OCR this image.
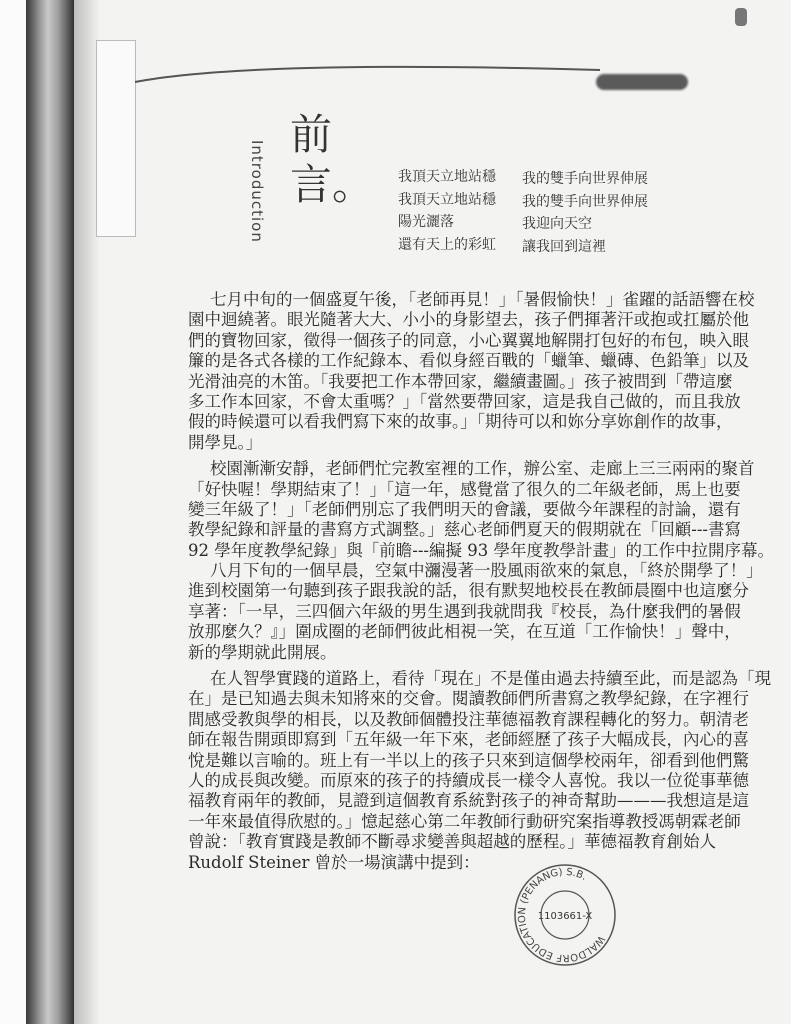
前言。
Introduction	我頂天立地站穩
我頂天立地站穩
陽光灑落
還有天上的彩虹
我的雙手向世界伸展
我的雙手向世界伸展
我迎向天空
讓我回到這裡
七月中旬的一個盛夏午後，「老師再見！」「暑假愉快！」雀躍的話語響在校
園中迴繞著。眼光隨著大大、小小的身影望去，孩子們揮著汗或抱或扛屬於他
們的寶物回家，徵得一個孩子的同意，小心翼翼地解開打包好的布包，映入眼
簾的是各式各樣的工作紀錄本、看似身經百戰的「蠟筆、蠟磚、色鉛筆」以及
光滑油亮的木笛。「我要把工作本帶回家，繼續畫圖。」孩子被問到「帶這麼
多工作本回家，不會太重嗎？」「當然要帶回家，這是我自己做的，而且我放
假的時候還可以看我們寫下來的故事。」「期待可以和妳分享妳創作的故事，
開學見。」
校園漸漸安靜，老師們忙完教室裡的工作，辦公室、走廊上三三兩兩的聚首
「好快喔！學期結束了！」「這一年，感覺當了很久的二年級老師，馬上也要
變三年級了！」「老師們別忘了我們明天的會議，要做今年課程的討論，還有
教學紀錄和評量的書寫方式調整。」慈心老師們夏天的假期就在「回顧---書寫
92 學年度教學紀錄」與「前瞻---編擬 93 學年度教學計畫」的工作中拉開序幕。
八月下旬的一個早晨，空氣中瀰漫著一股風雨欲來的氣息，「終於開學了！」
進到校園第一句聽到孩子跟我說的話，很有默契地校長在教師晨圈中也這麼分
享著：「一早，三四個六年級的男生遇到我就問我『校長，為什麼我們的暑假
放那麼久？』」圍成圈的老師們彼此相視一笑，在互道「工作愉快！」聲中，
新的學期就此開展。
在人智學實踐的道路上，看待「現在」不是僅由過去持續至此，而是認為「現
在」是已知過去與未知將來的交會。閱讀教師們所書寫之教學紀錄，在字裡行
間感受教與學的相長，以及教師個體投注華德福教育課程轉化的努力。朝清老
師在報告開頭即寫到「五年級一年下來，老師經歷了孩子大幅成長，內心的喜
悅是難以言喻的。班上有一半以上的孩子只來到這個學校兩年，卻看到他們驚
人的成長與改變。而原來的孩子的持續成長一樣令人喜悅。我以一位從事華德
福教育兩年的教師，見證到這個教育系統對孩子的神奇幫助———我想這是這
一年來最值得欣慰的。」憶起慈心第二年教師行動研究案指導教授馮朝霖老師
曾說：「教育實踐是教師不斷尋求變善與超越的歷程。」華德福教育創始人
Rudolf Steiner 曾於一場演講中提到：
WALDORF EDUCATION (PENANG) S.B.
1103661-X
